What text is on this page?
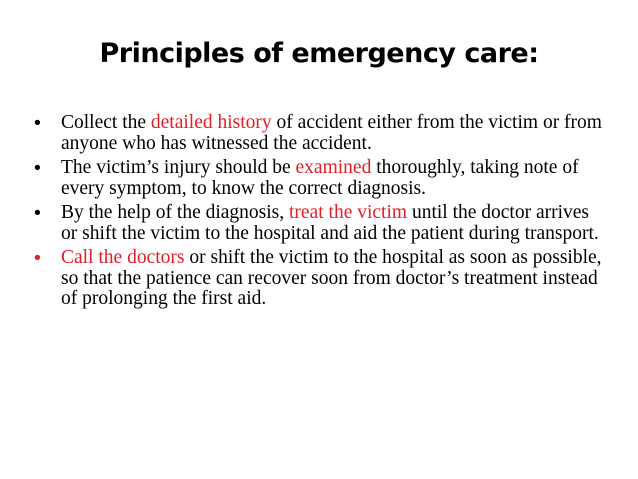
Principles of emergency care:
• Collect the detailed history of accident either from the victim or from anyone who has witnessed the accident.
• The victim’s injury should be examined thoroughly, taking note of every symptom, to know the correct diagnosis.
• By the help of the diagnosis, treat the victim until the doctor arrives or shift the victim to the hospital and aid the patient during transport.
• Call the doctors or shift the victim to the hospital as soon as possible, so that the patience can recover soon from doctor’s treatment instead of prolonging the first aid.
